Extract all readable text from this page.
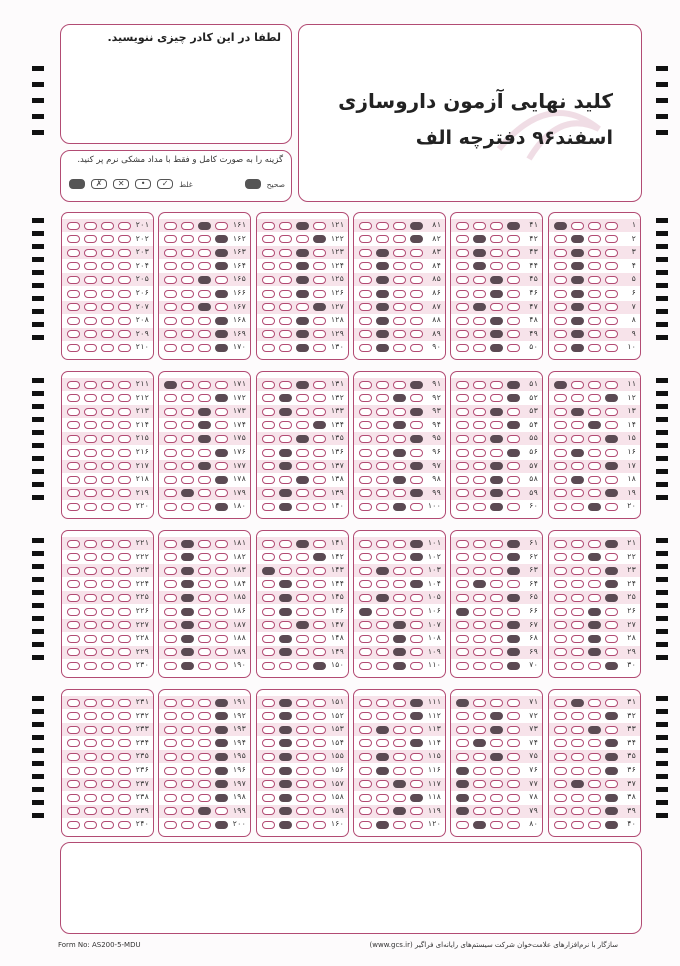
لطفا در این کادر چیزی ننویسید.
گزینه را به صورت کامل و فقط با مداد مشکی نرم پر کنید.
صحیح
غلط
✓
•
✕
✗
کلید نهایی آزمون داروسازی
اسفند۹۶ دفترچه الف
۱
۲
۳
۴
۵
۶
۷
۸
۹
۱۰
۴۱
۴۲
۴۳
۴۴
۴۵
۴۶
۴۷
۴۸
۴۹
۵۰
۸۱
۸۲
۸۳
۸۴
۸۵
۸۶
۸۷
۸۸
۸۹
۹۰
۱۲۱
۱۲۲
۱۲۳
۱۲۴
۱۲۵
۱۲۶
۱۲۷
۱۲۸
۱۲۹
۱۳۰
۱۶۱
۱۶۲
۱۶۳
۱۶۴
۱۶۵
۱۶۶
۱۶۷
۱۶۸
۱۶۹
۱۷۰
۲۰۱
۲۰۲
۲۰۳
۲۰۴
۲۰۵
۲۰۶
۲۰۷
۲۰۸
۲۰۹
۲۱۰
۱۱
۱۲
۱۳
۱۴
۱۵
۱۶
۱۷
۱۸
۱۹
۲۰
۵۱
۵۲
۵۳
۵۴
۵۵
۵۶
۵۷
۵۸
۵۹
۶۰
۹۱
۹۲
۹۳
۹۴
۹۵
۹۶
۹۷
۹۸
۹۹
۱۰۰
۱۳۱
۱۳۲
۱۳۳
۱۳۴
۱۳۵
۱۳۶
۱۳۷
۱۳۸
۱۳۹
۱۴۰
۱۷۱
۱۷۲
۱۷۳
۱۷۴
۱۷۵
۱۷۶
۱۷۷
۱۷۸
۱۷۹
۱۸۰
۲۱۱
۲۱۲
۲۱۳
۲۱۴
۲۱۵
۲۱۶
۲۱۷
۲۱۸
۲۱۹
۲۲۰
۲۱
۲۲
۲۳
۲۴
۲۵
۲۶
۲۷
۲۸
۲۹
۳۰
۶۱
۶۲
۶۳
۶۴
۶۵
۶۶
۶۷
۶۸
۶۹
۷۰
۱۰۱
۱۰۲
۱۰۳
۱۰۴
۱۰۵
۱۰۶
۱۰۷
۱۰۸
۱۰۹
۱۱۰
۱۴۱
۱۴۲
۱۴۳
۱۴۴
۱۴۵
۱۴۶
۱۴۷
۱۴۸
۱۴۹
۱۵۰
۱۸۱
۱۸۲
۱۸۳
۱۸۴
۱۸۵
۱۸۶
۱۸۷
۱۸۸
۱۸۹
۱۹۰
۲۲۱
۲۲۲
۲۲۳
۲۲۴
۲۲۵
۲۲۶
۲۲۷
۲۲۸
۲۲۹
۲۳۰
۳۱
۳۲
۳۳
۳۴
۳۵
۳۶
۳۷
۳۸
۳۹
۴۰
۷۱
۷۲
۷۳
۷۴
۷۵
۷۶
۷۷
۷۸
۷۹
۸۰
۱۱۱
۱۱۲
۱۱۳
۱۱۴
۱۱۵
۱۱۶
۱۱۷
۱۱۸
۱۱۹
۱۲۰
۱۵۱
۱۵۲
۱۵۳
۱۵۴
۱۵۵
۱۵۶
۱۵۷
۱۵۸
۱۵۹
۱۶۰
۱۹۱
۱۹۲
۱۹۳
۱۹۴
۱۹۵
۱۹۶
۱۹۷
۱۹۸
۱۹۹
۲۰۰
۲۳۱
۲۳۲
۲۳۳
۲۳۴
۲۳۵
۲۳۶
۲۳۷
۲۳۸
۲۳۹
۲۴۰
Form No: AS200-5-MDU	سازگار با نرم‌افزارهای علامت‌خوان شرکت سیستم‌های رایانه‌ای فراگیر (www.gcs.ir)
